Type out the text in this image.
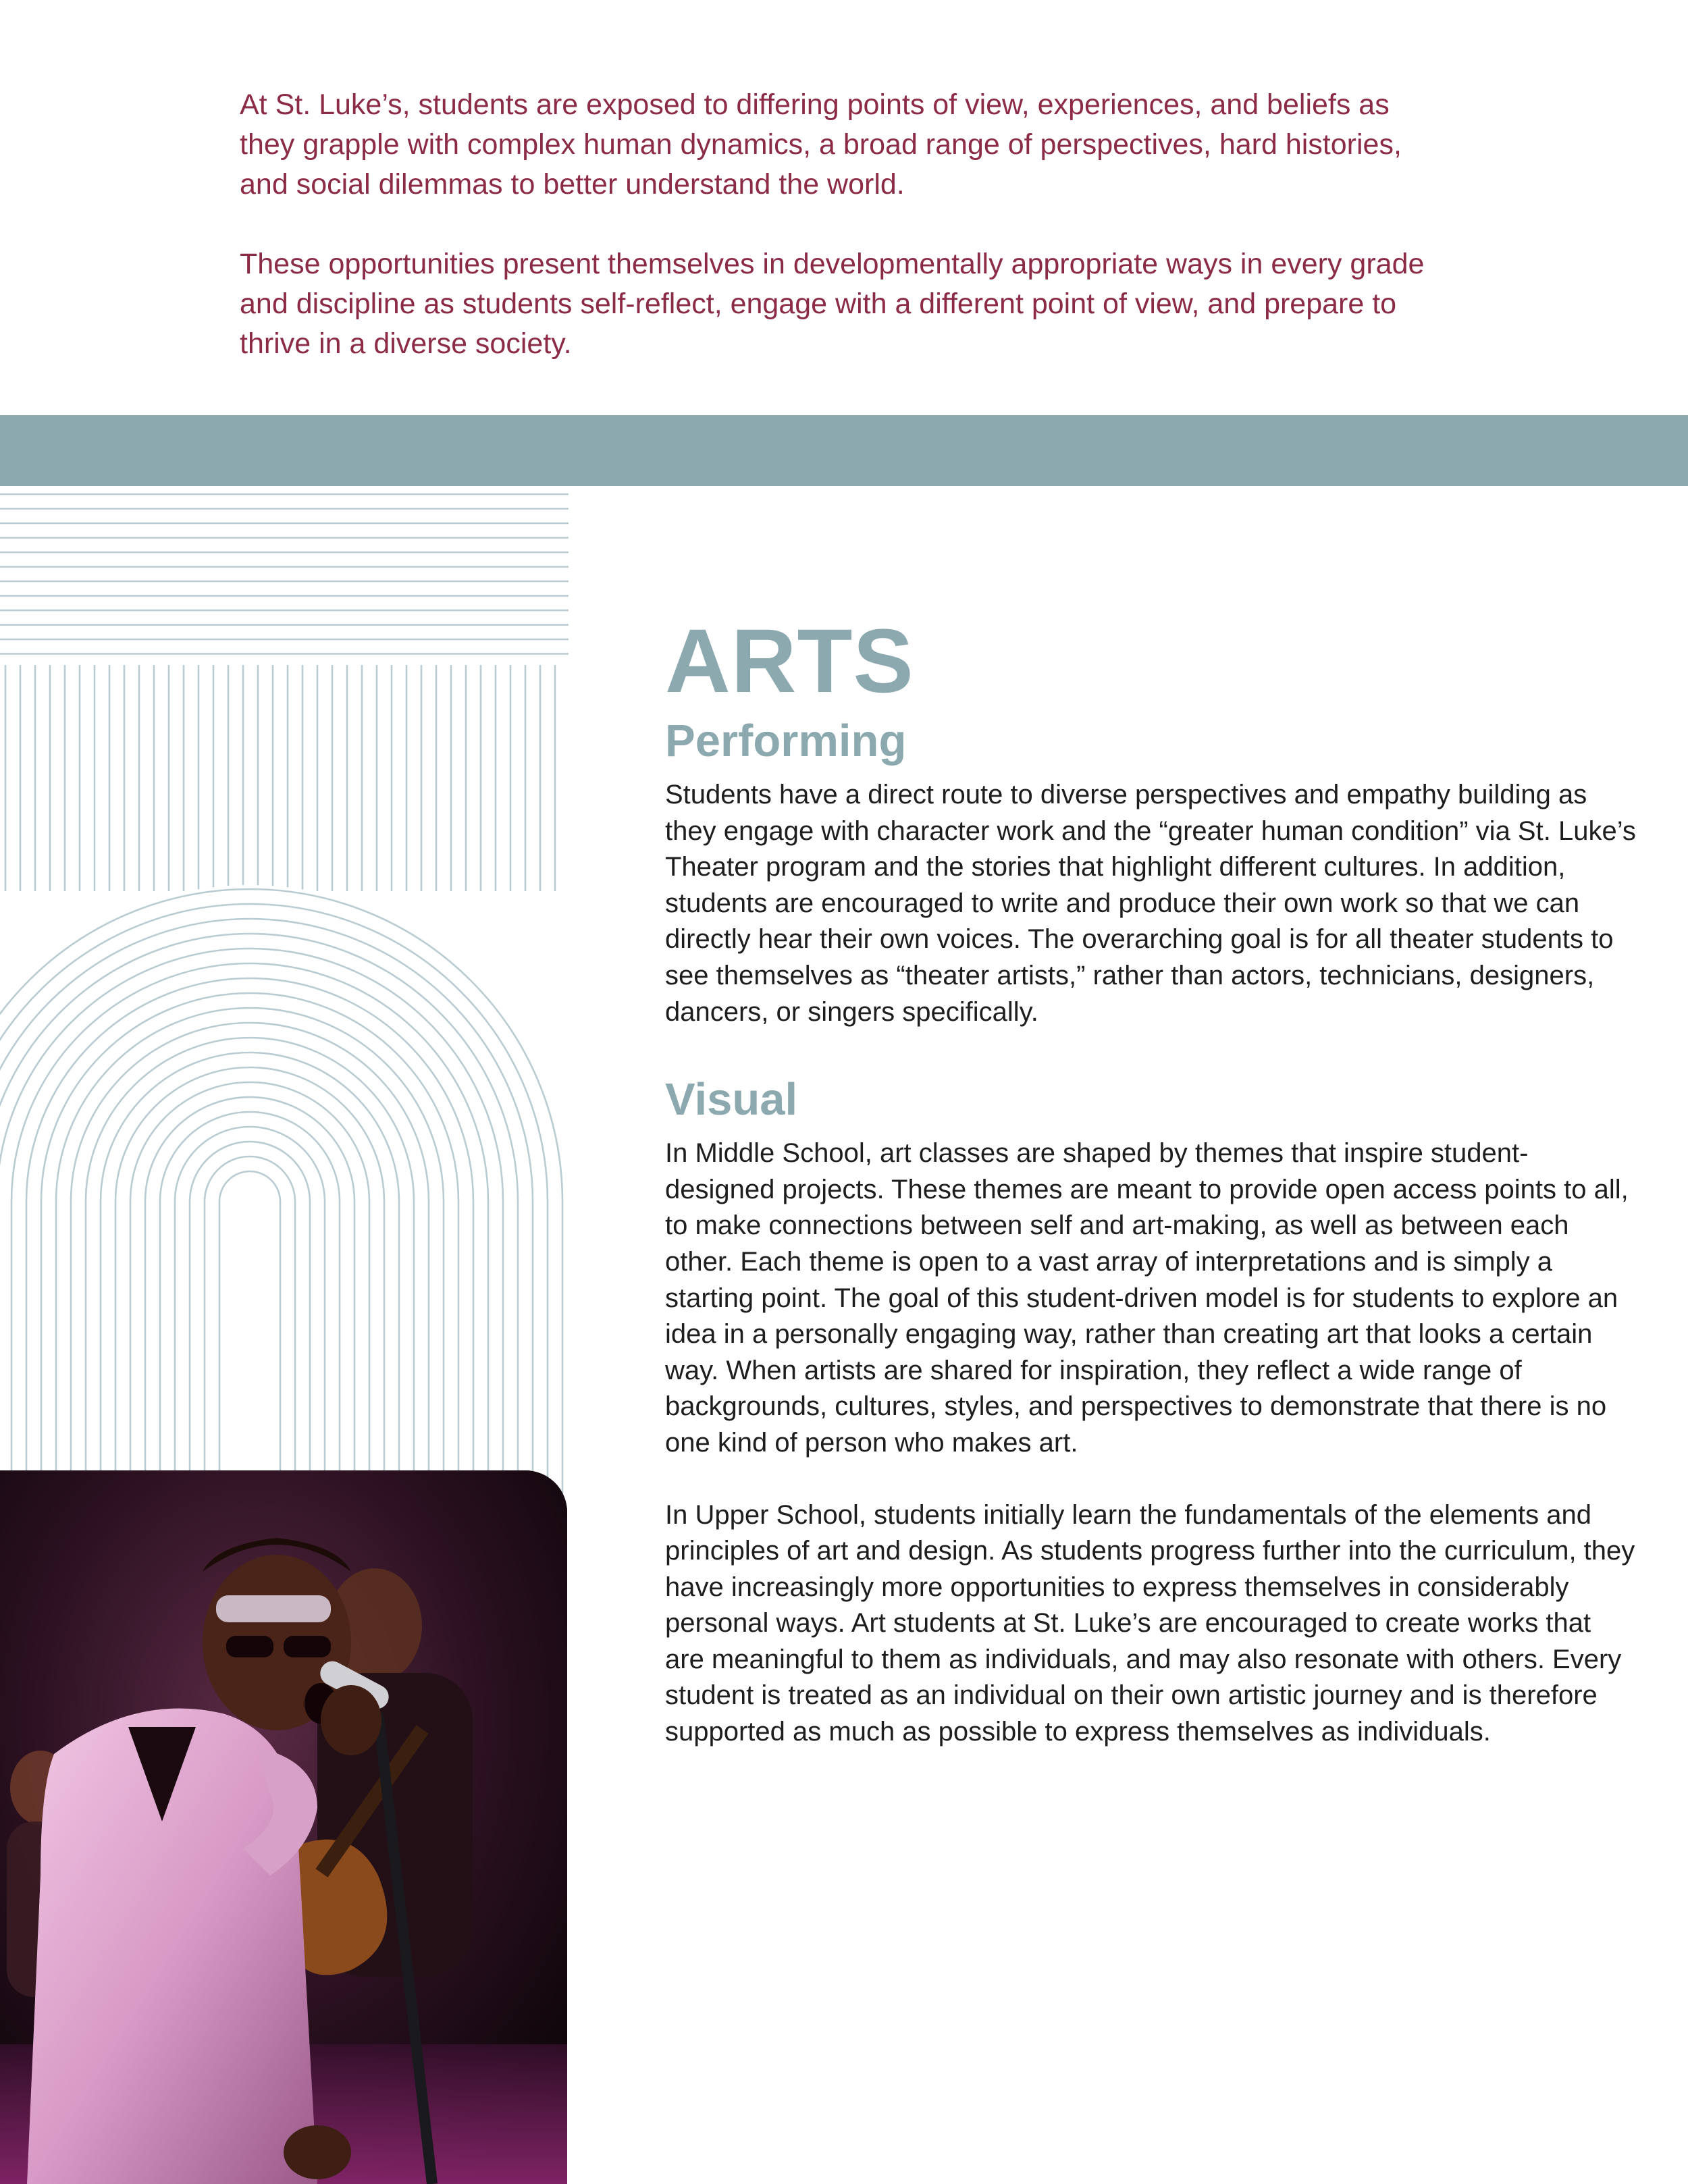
At St. Luke’s, students are exposed to differing points of view, experiences, and beliefs as they grapple with complex human dynamics, a broad range of perspectives, hard histories, and social dilemmas to better understand the world.

These opportunities present themselves in developmentally appropriate ways in every grade and discipline as students self-reflect, engage with a different point of view, and prepare to thrive in a diverse society.

ARTS
Performing

Students have a direct route to diverse perspectives and empathy building as they engage with character work and the “greater human condition” via St. Luke’s Theater program and the stories that highlight different cultures. In addition, students are encouraged to write and produce their own work so that we can directly hear their own voices. The overarching goal is for all theater students to see themselves as “theater artists,” rather than actors, technicians, designers, dancers, or singers specifically.

Visual

In Middle School, art classes are shaped by themes that inspire student-designed projects. These themes are meant to provide open access points to all, to make connections between self and art-making, as well as between each other. Each theme is open to a vast array of interpretations and is simply a starting point. The goal of this student-driven model is for students to explore an idea in a personally engaging way, rather than creating art that looks a certain way. When artists are shared for inspiration, they reflect a wide range of backgrounds, cultures, styles, and perspectives to demonstrate that there is no one kind of person who makes art.

In Upper School, students initially learn the fundamentals of the elements and principles of art and design. As students progress further into the curriculum, they have increasingly more opportunities to express themselves in considerably personal ways. Art students at St. Luke’s are encouraged to create works that are meaningful to them as individuals, and may also resonate with others. Every student is treated as an individual on their own artistic journey and is therefore supported as much as possible to express themselves as individuals.
